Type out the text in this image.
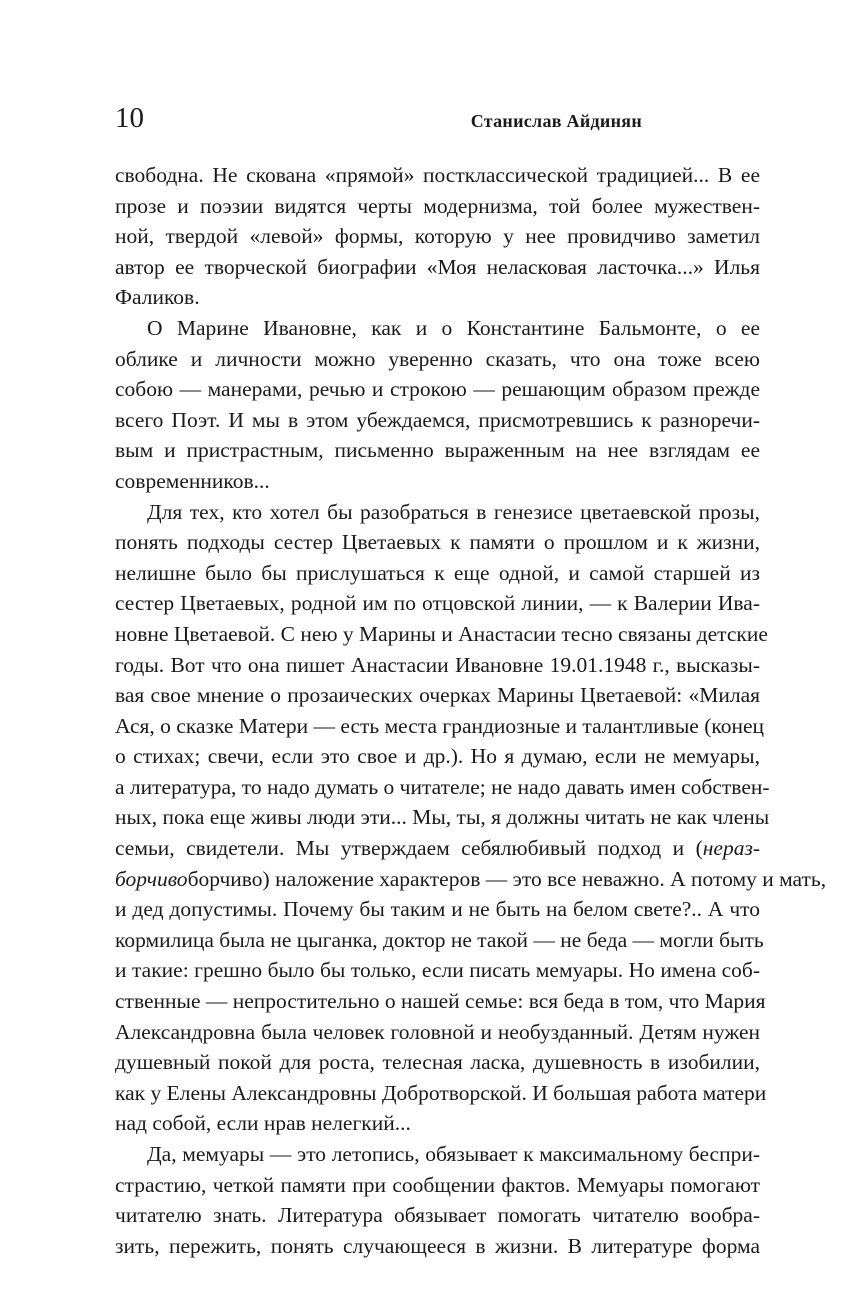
10	Станислав Айдинян

свободна. Не скована «прямой» постклассической традицией... В ее
прозе и поэзии видятся черты модернизма, той более мужествен-
ной, твердой «левой» формы, которую у нее провидчиво заметил
автор ее творческой биографии «Моя неласковая ласточка...» Илья
Фаликов.

О Марине Ивановне, как и о Константине Бальмонте, о ее
облике и личности можно уверенно сказать, что она тоже всею
собою — манерами, речью и строкою — решающим образом прежде
всего Поэт. И мы в этом убеждаемся, присмотревшись к разноречи-
вым и пристрастным, письменно выраженным на нее взглядам ее
современников...

Для тех, кто хотел бы разобраться в генезисе цветаевской прозы,
понять подходы сестер Цветаевых к памяти о прошлом и к жизни,
нелишне было бы прислушаться к еще одной, и самой старшей из
сестер Цветаевых, родной им по отцовской линии, — к Валерии Ива-
новне Цветаевой. С нею у Марины и Анастасии тесно связаны детские
годы. Вот что она пишет Анастасии Ивановне 19.01.1948 г., высказы-
вая свое мнение о прозаических очерках Марины Цветаевой: «Милая
Ася, о сказке Матери — есть места грандиозные и талантливые (конец
о стихах; свечи, если это свое и др.). Но я думаю, если не мемуары,
а литература, то надо думать о читателе; не надо давать имен собствен-
ных, пока еще живы люди эти... Мы, ты, я должны читать не как члены
семьи, свидетели. Мы утверждаем себялюбивый подход и (нераз-
борчивоборчиво) наложение характеров — это все неважно. А потому и мать,
и дед допустимы. Почему бы таким и не быть на белом свете?.. А что
кормилица была не цыганка, доктор не такой — не беда — могли быть
и такие: грешно было бы только, если писать мемуары. Но имена соб-
ственные — непростительно о нашей семье: вся беда в том, что Мария
Александровна была человек головной и необузданный. Детям нужен
душевный покой для роста, телесная ласка, душевность в изобилии,
как у Елены Александровны Добротворской. И большая работа матери
над собой, если нрав нелегкий...

Да, мемуары — это летопись, обязывает к максимальному беспри-
страстию, четкой памяти при сообщении фактов. Мемуары помогают
читателю знать. Литература обязывает помогать читателю вообра-
зить, пережить, понять случающееся в жизни. В литературе форма
